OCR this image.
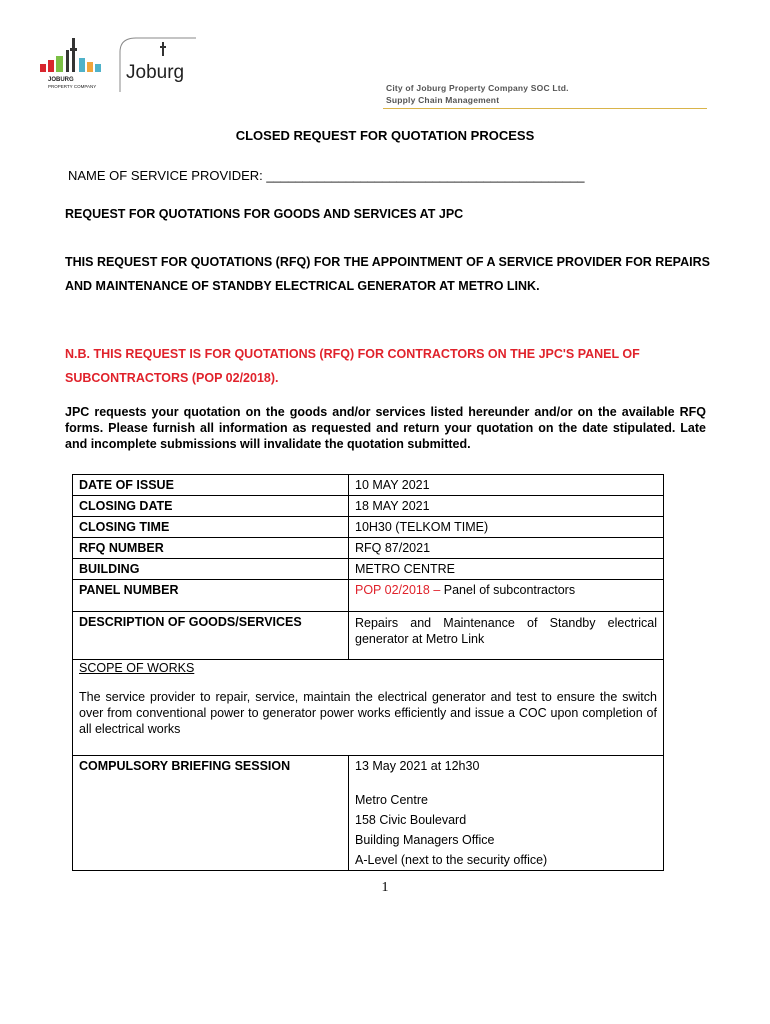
JOBURG
PROPERTY COMPANY
Joburg
City of Joburg Property Company SOC Ltd.
Supply Chain Management
CLOSED REQUEST FOR QUOTATION PROCESS
NAME OF SERVICE PROVIDER: ____________________________________________
REQUEST FOR QUOTATIONS FOR GOODS AND SERVICES AT JPC
THIS REQUEST FOR QUOTATIONS (RFQ) FOR THE APPOINTMENT OF A SERVICE PROVIDER FOR REPAIRS AND MAINTENANCE OF STANDBY ELECTRICAL GENERATOR AT METRO LINK.
N.B. THIS REQUEST IS FOR QUOTATIONS (RFQ) FOR CONTRACTORS ON THE JPC'S PANEL OF SUBCONTRACTORS (POP 02/2018).
JPC requests your quotation on the goods and/or services listed hereunder and/or on the available RFQ forms. Please furnish all information as requested and return your quotation on the date stipulated. Late and incomplete submissions will invalidate the quotation submitted.
DATE OF ISSUE	10 MAY 2021
CLOSING DATE	18 MAY 2021
CLOSING TIME	10H30 (TELKOM TIME)
RFQ NUMBER	RFQ 87/2021
BUILDING	METRO CENTRE
PANEL NUMBER	POP 02/2018 – Panel of subcontractors
DESCRIPTION OF GOODS/SERVICES	Repairs and Maintenance of Standby electrical generator at Metro Link

SCOPE OF WORKS
The service provider to repair, service, maintain the electrical generator and test to ensure the switch over from conventional power to generator power works efficiently and issue a COC upon completion of all electrical works	

COMPULSORY BRIEFING SESSION	13 May 2021 at 12h30
Metro Centre
158 Civic Boulevard
Building Managers Office
A-Level (next to the security office)
1
